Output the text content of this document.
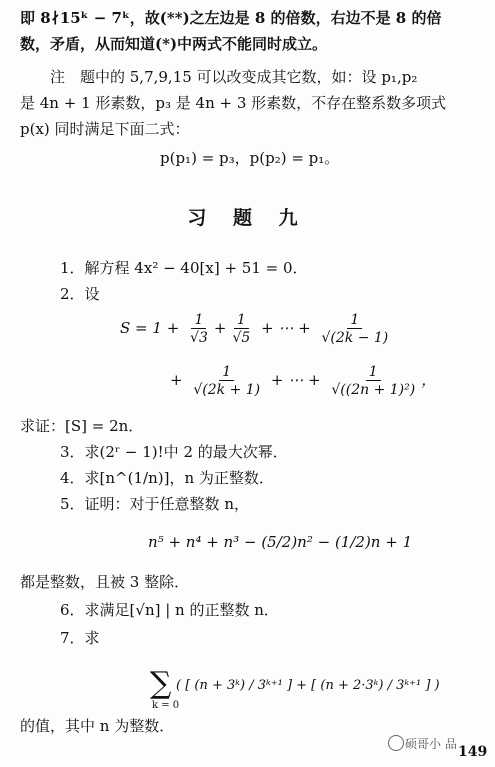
即 8∤15ᵏ − 7ᵏ，故(**)之左边是 8 的倍数，右边不是 8 的倍
数，矛盾，从而知道(*)中两式不能同时成立。
注　题中的 5,7,9,15 可以改变成其它数，如：设 p₁,p₂
是 4n + 1 形素数，p₃ 是 4n + 3 形素数，不存在整系数多项式
p(x) 同时满足下面二式：
p(p₁) = p₃，p(p₂) = p₁。
习 题 九
1．解方程 4x² − 40[x] + 51 = 0．
2．设
$S = 1 + \frac{1}{√3} + \frac{1}{√5}$ + ⋯ + $\frac{1}{√(2k - 1)}$
+ $\frac{1}{√(2k + 1)}$ + ⋯ + $\frac{1}{\text{√((2n + 1)²)}}$ ，
求证：[S] = 2n．
3．求(2ʳ − 1)!中 2 的最大次幂．
4．求[n^(1/n)]，n 为正整数．
5．证明：对于任意整数 n，
n⁵ + n⁴ + n³ − (5/2)n² − (1/2)n + 1
都是整数，且被 3 整除．
6．求满足[√n] | n 的正整数 n．
7．求
∑
k = 0
( [ (n + 3ᵏ) / 3ᵏ⁺¹ ] + [ (n + 2·3ᵏ) / 3ᵏ⁺¹ ] )
的值，其中 n 为整数．
硕哥小 品 149
